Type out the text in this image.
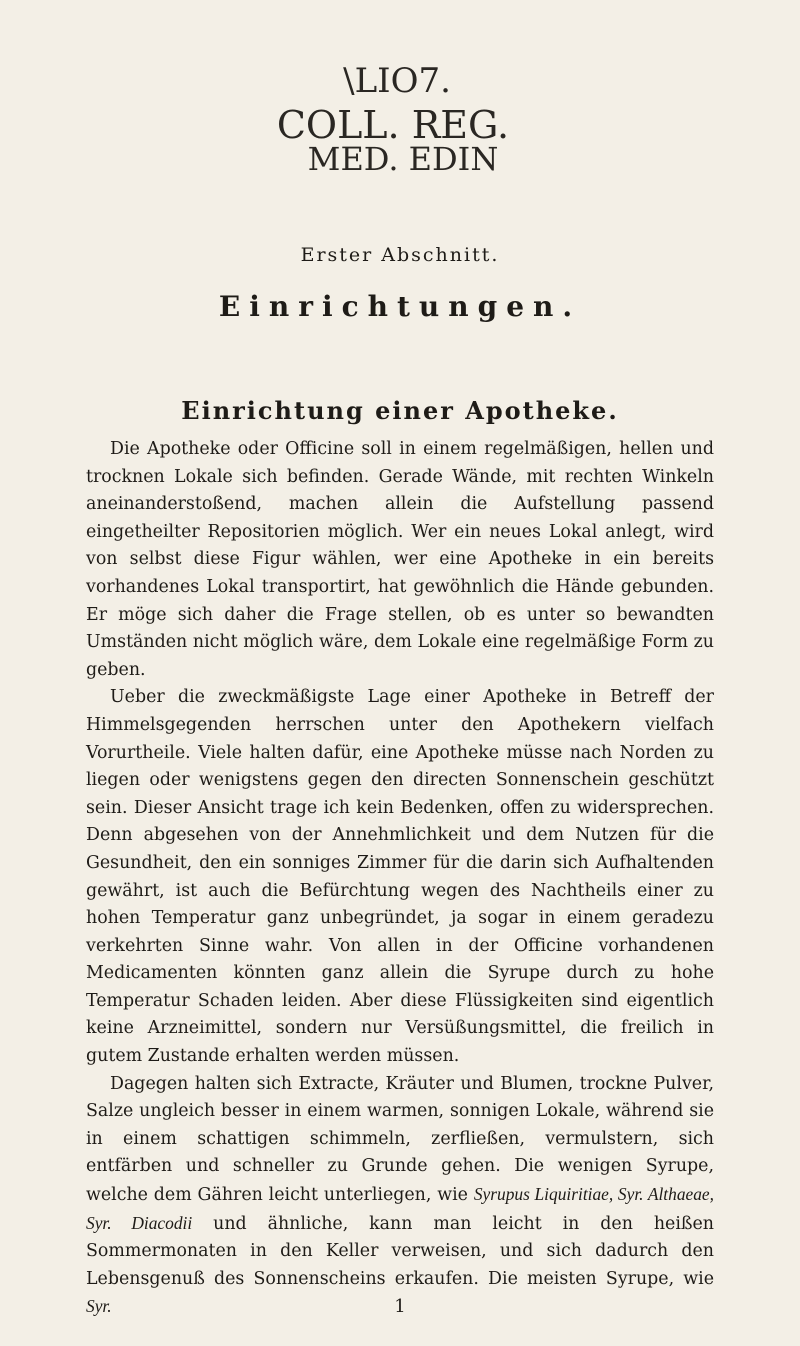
\LIO7.
COLL. REG.
MED. EDIN
Erster Abschnitt.
Einrichtungen.
Einrichtung einer Apotheke.

Die Apotheke oder Officine soll in einem regelmäßigen, hellen und trocknen Lokale sich befinden. Gerade Wände, mit rechten Winkeln aneinanderstoßend, machen allein die Aufstellung passend eingetheilter Repositorien möglich. Wer ein neues Lokal anlegt, wird von selbst diese Figur wählen, wer eine Apotheke in ein bereits vorhandenes Lokal transportirt, hat gewöhnlich die Hände gebunden. Er möge sich daher die Frage stellen, ob es unter so bewandten Umständen nicht möglich wäre, dem Lokale eine regelmäßige Form zu geben.

Ueber die zweckmäßigste Lage einer Apotheke in Betreff der Himmelsgegenden herrschen unter den Apothekern vielfach Vorurtheile. Viele halten dafür, eine Apotheke müsse nach Norden zu liegen oder wenigstens gegen den directen Sonnenschein geschützt sein. Dieser Ansicht trage ich kein Bedenken, offen zu widersprechen. Denn abgesehen von der Annehmlichkeit und dem Nutzen für die Gesundheit, den ein sonniges Zimmer für die darin sich Aufhaltenden gewährt, ist auch die Befürchtung wegen des Nachtheils einer zu hohen Temperatur ganz unbegründet, ja sogar in einem geradezu verkehrten Sinne wahr. Von allen in der Officine vorhandenen Medicamenten könnten ganz allein die Syrupe durch zu hohe Temperatur Schaden leiden. Aber diese Flüssigkeiten sind eigentlich keine Arzneimittel, sondern nur Versüßungsmittel, die freilich in gutem Zustande erhalten werden müssen.

Dagegen halten sich Extracte, Kräuter und Blumen, trockne Pulver, Salze ungleich besser in einem warmen, sonnigen Lokale, während sie in einem schattigen schimmeln, zerfließen, vermulstern, sich entfärben und schneller zu Grunde gehen. Die wenigen Syrupe, welche dem Gähren leicht unterliegen, wie Syrupus Liquiritiae, Syr. Althaeae, Syr. Diacodii und ähnliche, kann man leicht in den heißen Sommermonaten in den Keller verweisen, und sich dadurch den Lebensgenuß des Sonnenscheins erkaufen. Die meisten Syrupe, wie Syr.	1
